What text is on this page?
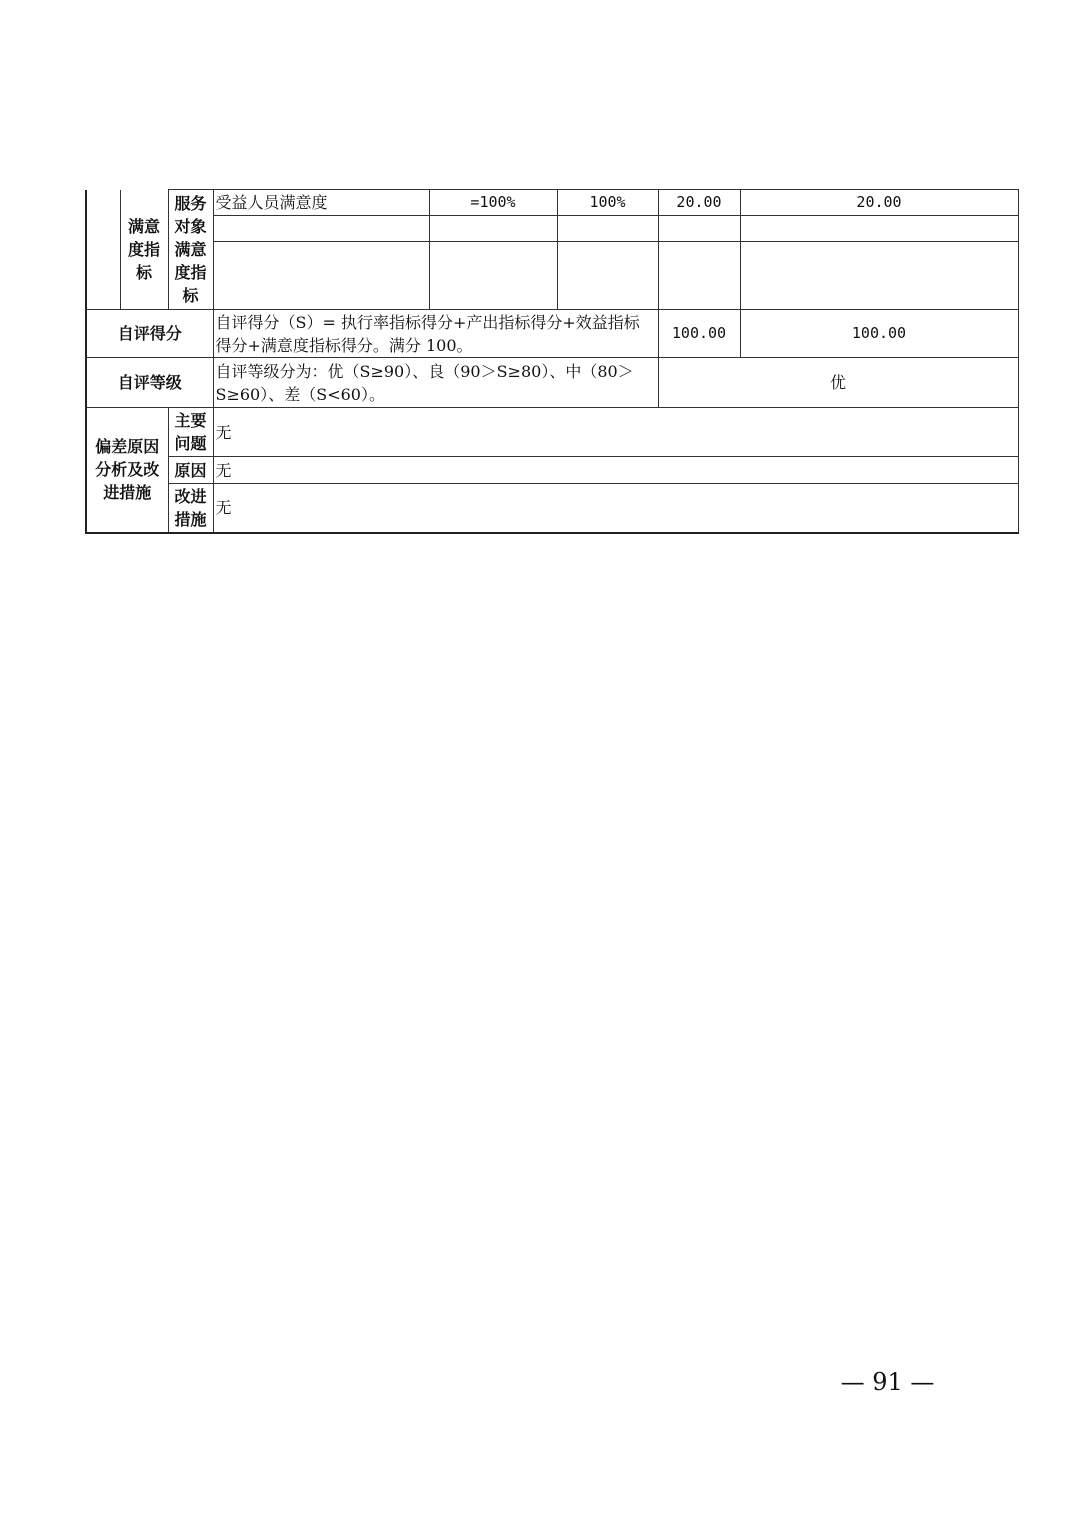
	满意度指标	服务对象满意度指标	受益人员满意度	=100%	100%	20.00	20.00

自评得分			自评得分（S）= 执行率指标得分+产出指标得分+效益指标得分+满意度指标得分。满分 100。			100.00	100.00
自评等级			自评等级分为：优（S≥90）、良（90＞S≥80）、中（80＞S≥60）、差（S<60）。			优	
偏差原因分析及改进措施		主要问题	无				
		原因	无				
		改进措施	无				
— 91 —
